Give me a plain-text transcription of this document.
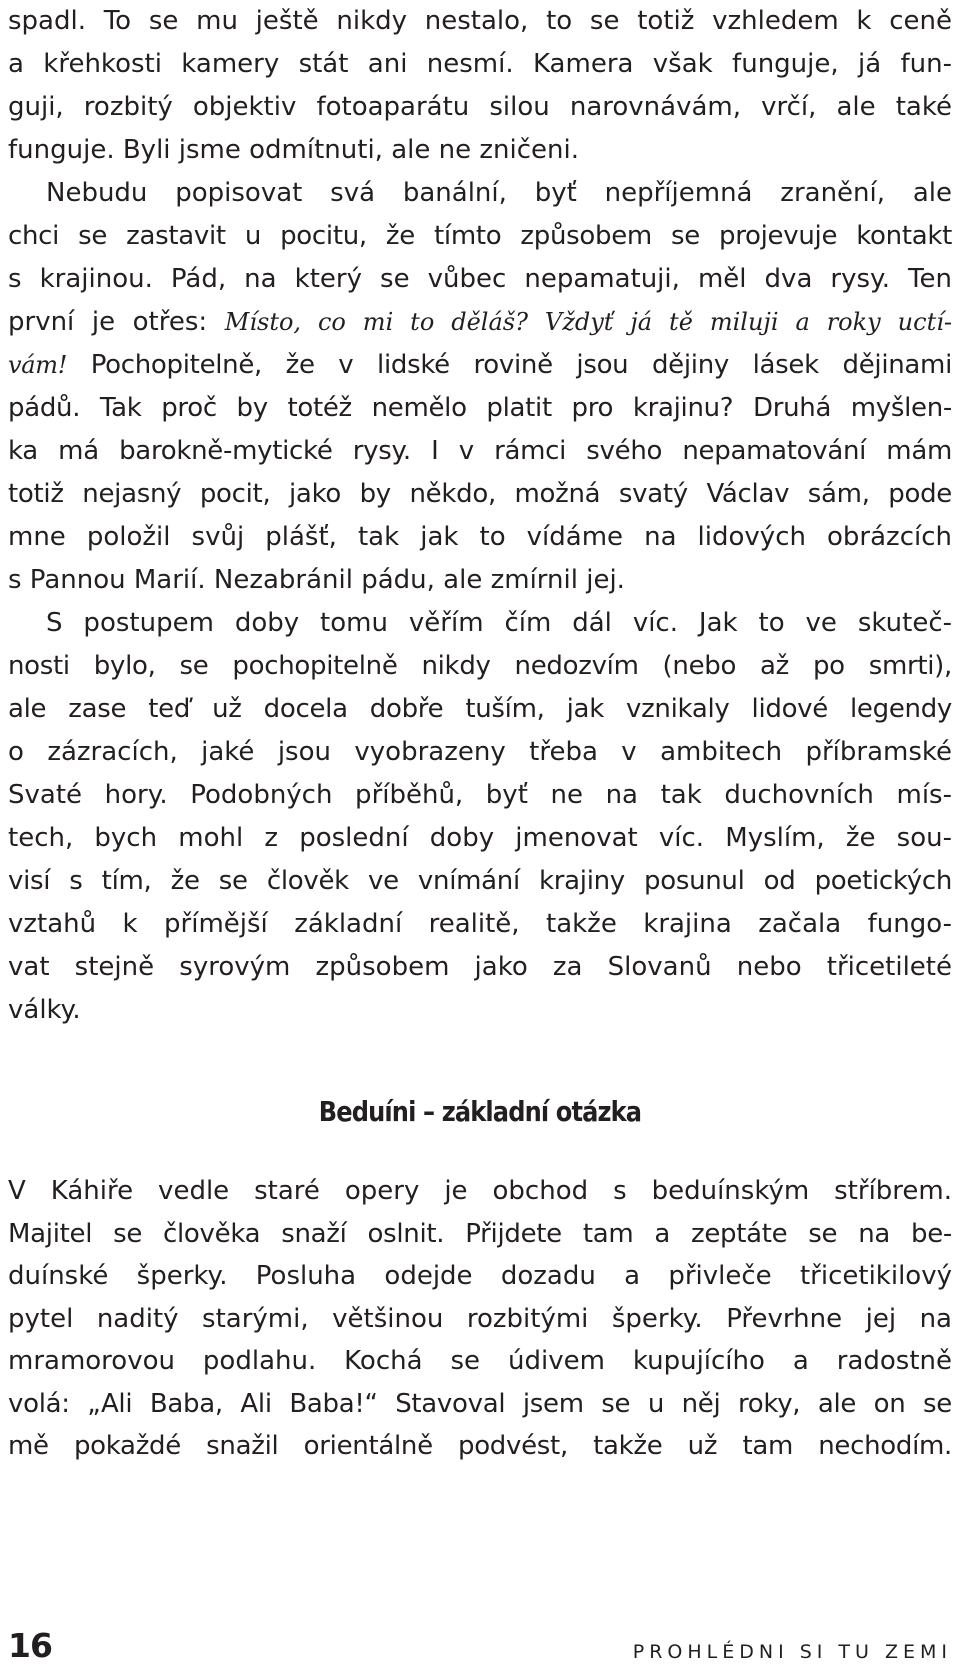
spadl. To se mu ještě nikdy nestalo, to se totiž vzhledem k ceně
a křehkosti kamery stát ani nesmí. Kamera však funguje, já fun-
guji, rozbitý objektiv fotoaparátu silou narovnávám, vrčí, ale také
funguje. Byli jsme odmítnuti, ale ne zničeni.
Nebudu popisovat svá banální, byť nepříjemná zranění, ale
chci se zastavit u pocitu, že tímto způsobem se projevuje kontakt
s krajinou. Pád, na který se vůbec nepamatuji, měl dva rysy. Ten
první je otřes: Místo, co mi to děláš? Vždyť já tě miluji a roky uctí-
vám! Pochopitelně, že v lidské rovině jsou dějiny lásek dějinami
pádů. Tak proč by totéž nemělo platit pro krajinu? Druhá myšlen-
ka má barokně-mytické rysy. I v rámci svého nepamatování mám
totiž nejasný pocit, jako by někdo, možná svatý Václav sám, pode
mne položil svůj plášť, tak jak to vídáme na lidových obrázcích
s Pannou Marií. Nezabránil pádu, ale zmírnil jej.
S postupem doby tomu věřím čím dál víc. Jak to ve skuteč-
nosti bylo, se pochopitelně nikdy nedozvím (nebo až po smrti),
ale zase teď už docela dobře tuším, jak vznikaly lidové legendy
o zázracích, jaké jsou vyobrazeny třeba v ambitech příbramské
Svaté hory. Podobných příběhů, byť ne na tak duchovních mís-
tech, bych mohl z poslední doby jmenovat víc. Myslím, že sou-
visí s tím, že se člověk ve vnímání krajiny posunul od poetických
vztahů k přímější základní realitě, takže krajina začala fungo-
vat stejně syrovým způsobem jako za Slovanů nebo třicetileté
války.
Beduíni – základní otázka
V Káhiře vedle staré opery je obchod s beduínským stříbrem.
Majitel se člověka snaží oslnit. Přijdete tam a zeptáte se na be-
duínské šperky. Posluha odejde dozadu a přivleče třicetikilový
pytel naditý starými, většinou rozbitými šperky. Převrhne jej na
mramorovou podlahu. Kochá se údivem kupujícího a radostně
volá: „Ali Baba, Ali Baba!“ Stavoval jsem se u něj roky, ale on se
mě pokaždé snažil orientálně podvést, takže už tam nechodím.
16	PROHLÉDNI SI TU ZEMI
